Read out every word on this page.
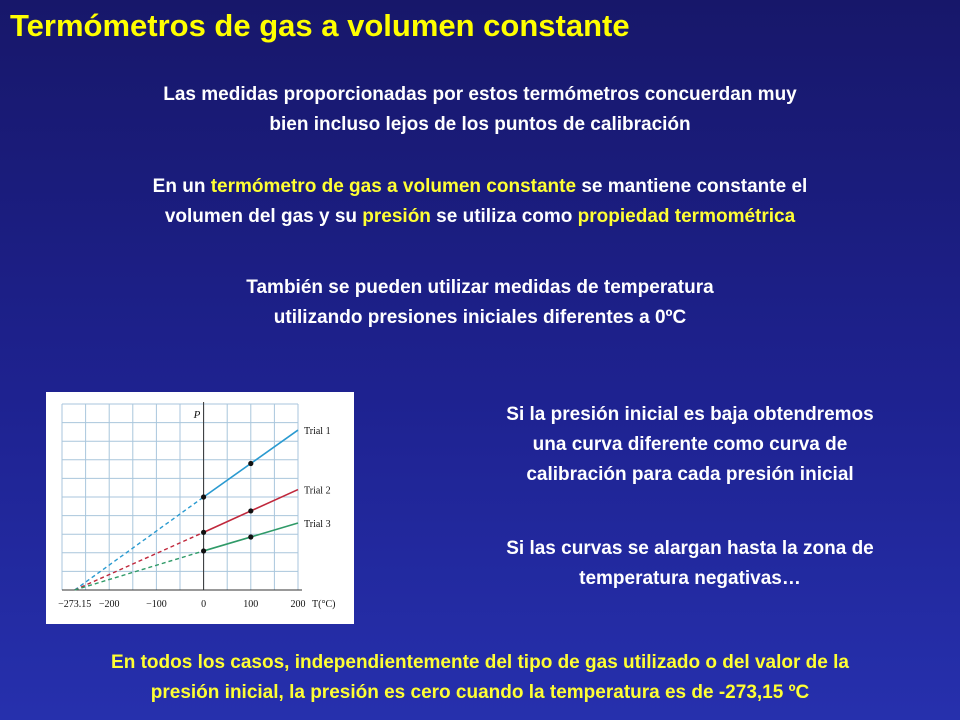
Termómetros de gas a volumen constante
Las medidas proporcionadas por estos termómetros concuerdan muy
bien incluso lejos de los puntos de calibración
En un termómetro de gas a volumen constante se mantiene constante el
volumen del gas y su presión se utiliza como propiedad termométrica
También se pueden utilizar medidas de temperatura
utilizando presiones iniciales diferentes a 0ºC
P
T(°C)
−273.15 −200	−100	0	100	200
Trial 1
Trial 2
Trial 3
Si la presión inicial es baja obtendremos
una curva diferente como curva de
calibración para cada presión inicial
Si las curvas se alargan hasta la zona de
temperatura negativas…
En todos los casos, independientemente del tipo de gas utilizado o del valor de la
presión inicial, la presión es cero cuando la temperatura es de -273,15 ºC
